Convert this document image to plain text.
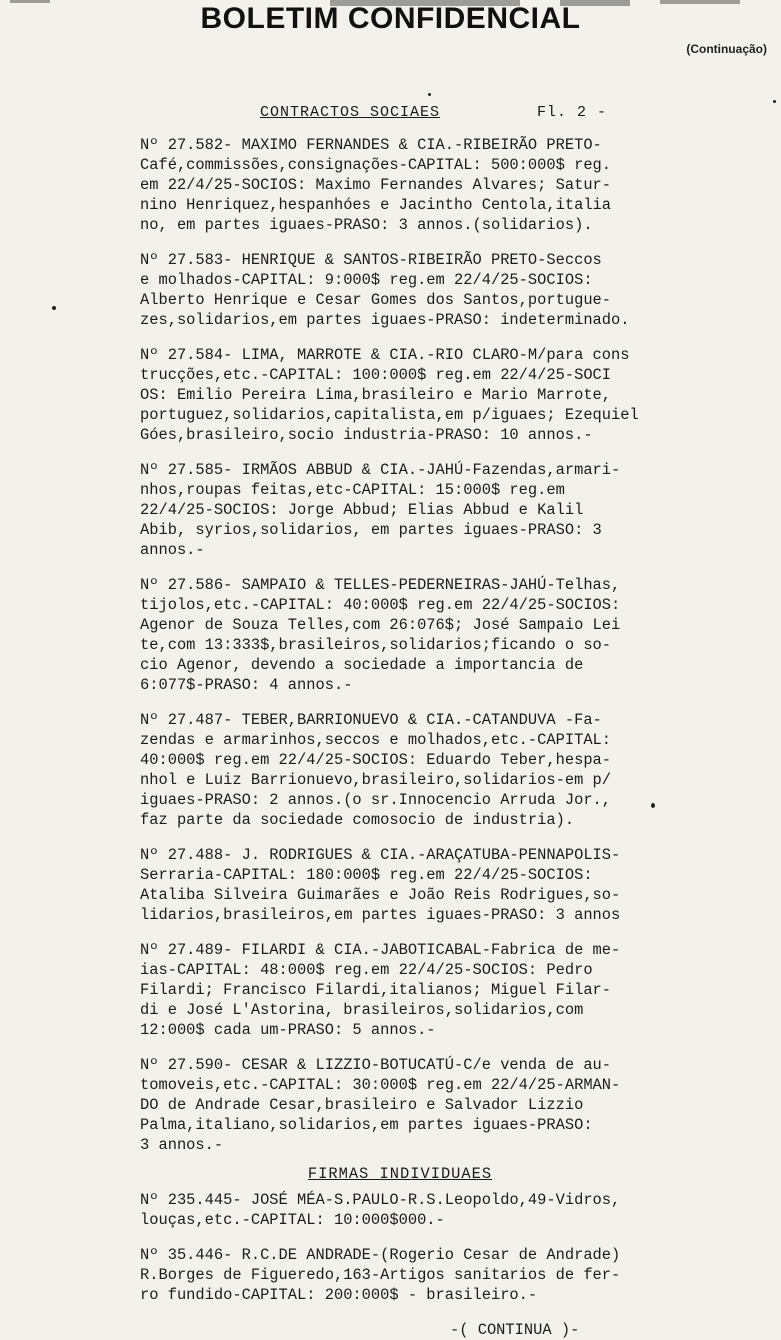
BOLETIM CONFIDENCIAL
(Continuação)
CONTRACTOS SOCIAES	Fl. 2 -
Nº 27.582- MAXIMO FERNANDES & CIA.-RIBEIRÃO PRETO-
Café,commissões,consignações-CAPITAL: 500:000$ reg.
em 22/4/25-SOCIOS: Maximo Fernandes Alvares; Satur-
nino Henriquez,hespanhóes e Jacintho Centola,italia
no, em partes iguaes-PRASO: 3 annos.(solidarios).
Nº 27.583- HENRIQUE & SANTOS-RIBEIRÃO PRETO-Seccos
e molhados-CAPITAL: 9:000$ reg.em 22/4/25-SOCIOS:
Alberto Henrique e Cesar Gomes dos Santos,portugue-
zes,solidarios,em partes iguaes-PRASO: indeterminado.
Nº 27.584- LIMA, MARROTE & CIA.-RIO CLARO-M/para cons
trucções,etc.-CAPITAL: 100:000$ reg.em 22/4/25-SOCI
OS: Emilio Pereira Lima,brasileiro e Mario Marrote,
portuguez,solidarios,capitalista,em p/iguaes; Ezequiel
Góes,brasileiro,socio industria-PRASO: 10 annos.-
Nº 27.585- IRMÃOS ABBUD & CIA.-JAHÚ-Fazendas,armari-
nhos,roupas feitas,etc-CAPITAL: 15:000$ reg.em
22/4/25-SOCIOS: Jorge Abbud; Elias Abbud e Kalil
Abib, syrios,solidarios, em partes iguaes-PRASO: 3
annos.-
Nº 27.586- SAMPAIO & TELLES-PEDERNEIRAS-JAHÚ-Telhas,
tijolos,etc.-CAPITAL: 40:000$ reg.em 22/4/25-SOCIOS:
Agenor de Souza Telles,com 26:076$; José Sampaio Lei
te,com 13:333$,brasileiros,solidarios;ficando o so-
cio Agenor, devendo a sociedade a importancia de
6:077$-PRASO: 4 annos.-
Nº 27.487- TEBER,BARRIONUEVO & CIA.-CATANDUVA -Fa-
zendas e armarinhos,seccos e molhados,etc.-CAPITAL:
40:000$ reg.em 22/4/25-SOCIOS: Eduardo Teber,hespa-
nhol e Luiz Barrionuevo,brasileiro,solidarios-em p/
iguaes-PRASO: 2 annos.(o sr.Innocencio Arruda Jor.,
faz parte da sociedade comosocio de industria).
Nº 27.488- J. RODRIGUES & CIA.-ARAÇATUBA-PENNAPOLIS-
Serraria-CAPITAL: 180:000$ reg.em 22/4/25-SOCIOS:
Ataliba Silveira Guimarães e João Reis Rodrigues,so-
lidarios,brasileiros,em partes iguaes-PRASO: 3 annos
Nº 27.489- FILARDI & CIA.-JABOTICABAL-Fabrica de me-
ias-CAPITAL: 48:000$ reg.em 22/4/25-SOCIOS: Pedro
Filardi; Francisco Filardi,italianos; Miguel Filar-
di e José L'Astorina, brasileiros,solidarios,com
12:000$ cada um-PRASO: 5 annos.-
Nº 27.590- CESAR & LIZZIO-BOTUCATÚ-C/e venda de au-
tomoveis,etc.-CAPITAL: 30:000$ reg.em 22/4/25-ARMAN-
DO de Andrade Cesar,brasileiro e Salvador Lizzio
Palma,italiano,solidarios,em partes iguaes-PRASO:
3 annos.-
FIRMAS INDIVIDUAES
Nº 235.445- JOSÉ MÉA-S.PAULO-R.S.Leopoldo,49-Vidros,
louças,etc.-CAPITAL: 10:000$000.-
Nº 35.446- R.C.DE ANDRADE-(Rogerio Cesar de Andrade)
R.Borges de Figueredo,163-Artigos sanitarios de fer-
ro fundido-CAPITAL: 200:000$ - brasileiro.-
-( CONTINUA )-
